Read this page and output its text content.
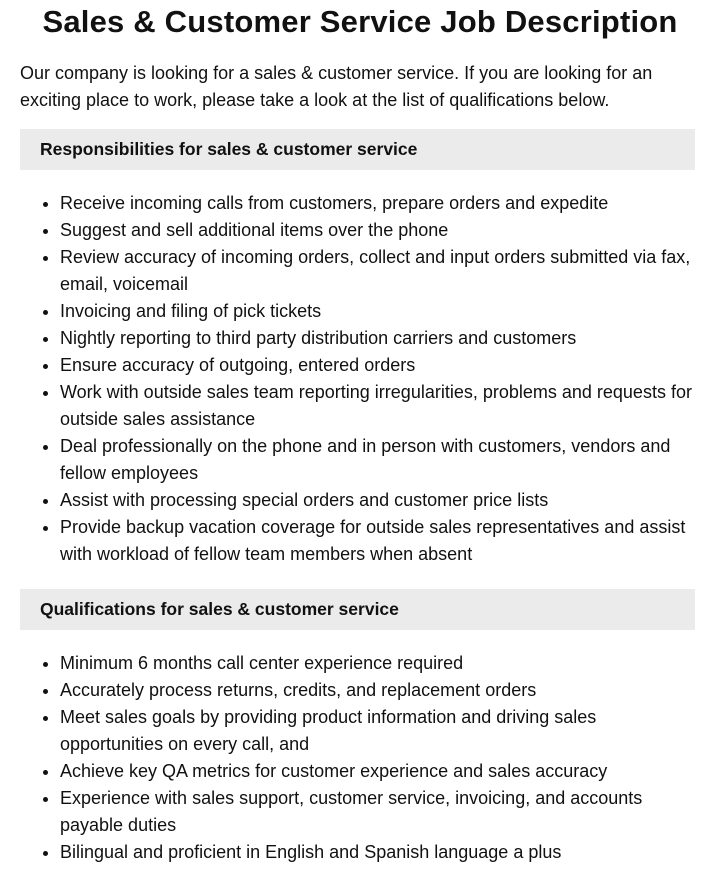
Sales & Customer Service Job Description

Our company is looking for a sales & customer service. If you are looking for an exciting place to work, please take a look at the list of qualifications below.

Responsibilities for sales & customer service
• Receive incoming calls from customers, prepare orders and expedite
• Suggest and sell additional items over the phone
• Review accuracy of incoming orders, collect and input orders submitted via fax, email, voicemail
• Invoicing and filing of pick tickets
• Nightly reporting to third party distribution carriers and customers
• Ensure accuracy of outgoing, entered orders
• Work with outside sales team reporting irregularities, problems and requests for outside sales assistance
• Deal professionally on the phone and in person with customers, vendors and fellow employees
• Assist with processing special orders and customer price lists
• Provide backup vacation coverage for outside sales representatives and assist with workload of fellow team members when absent
Qualifications for sales & customer service
• Minimum 6 months call center experience required
• Accurately process returns, credits, and replacement orders
• Meet sales goals by providing product information and driving sales opportunities on every call, and
• Achieve key QA metrics for customer experience and sales accuracy
• Experience with sales support, customer service, invoicing, and accounts payable duties
• Bilingual and proficient in English and Spanish language a plus
